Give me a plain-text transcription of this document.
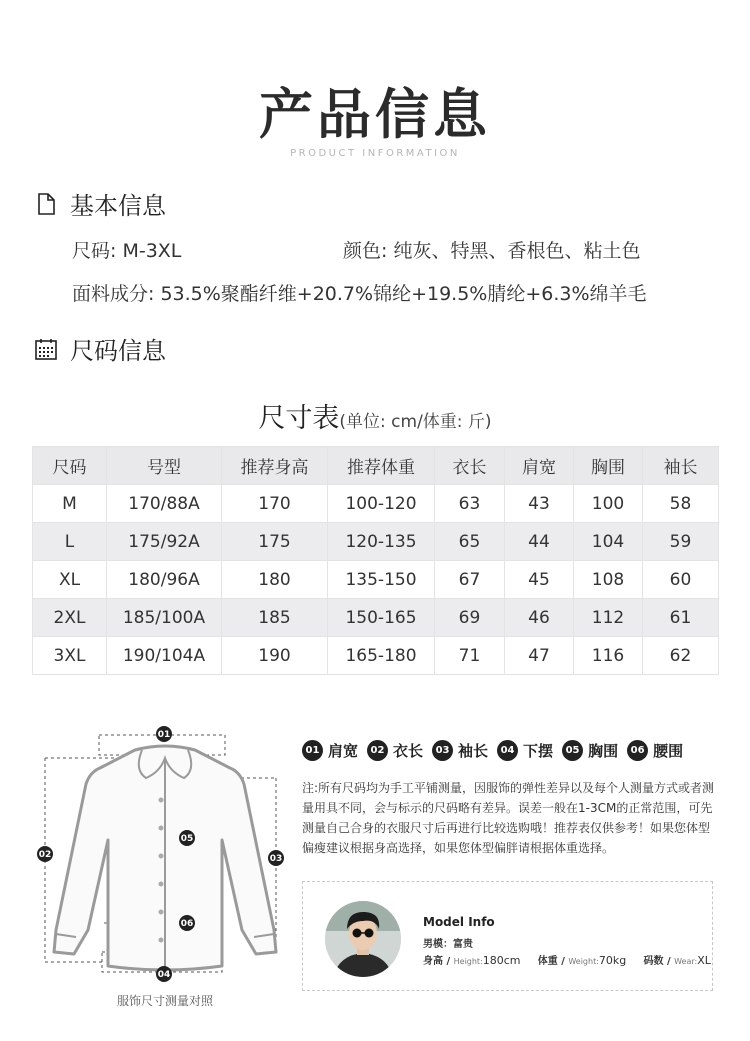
产品信息
PRODUCT INFORMATION
基本信息
尺码: M-3XL	颜色: 纯灰、特黑、香根色、粘土色
面料成分: 53.5%聚酯纤维+20.7%锦纶+19.5%腈纶+6.3%绵羊毛
尺码信息
尺寸表(单位: cm/体重: 斤)
尺码	号型	推荐身高	推荐体重	衣长	肩宽	胸围	袖长
M	170/88A	170	100-120	63	43	100	58
L	175/92A	175	120-135	65	44	104	59
XL	180/96A	180	135-150	67	45	108	60
2XL	185/100A	185	150-165	69	46	112	61
3XL	190/104A	190	165-180	71	47	116	62
01
02	03
04
05
06
服饰尺寸测量对照
01 肩宽	02 衣长	03 袖长	04 下摆	05 胸围	06 腰围
注:所有尺码均为手工平铺测量，因服饰的弹性差异以及每个人测量方式或者测量用具不同，会与标示的尺码略有差异。误差一般在1-3CM的正常范围，可先测量自己合身的衣服尺寸后再进行比较选购哦！推荐表仅供参考！如果您体型偏瘦建议根据身高选择，如果您体型偏胖请根据体重选择。
Model Info
男模：富贵
身高 / Height:180cm 体重 / Weight:70kg 码数 / Wear:XL
